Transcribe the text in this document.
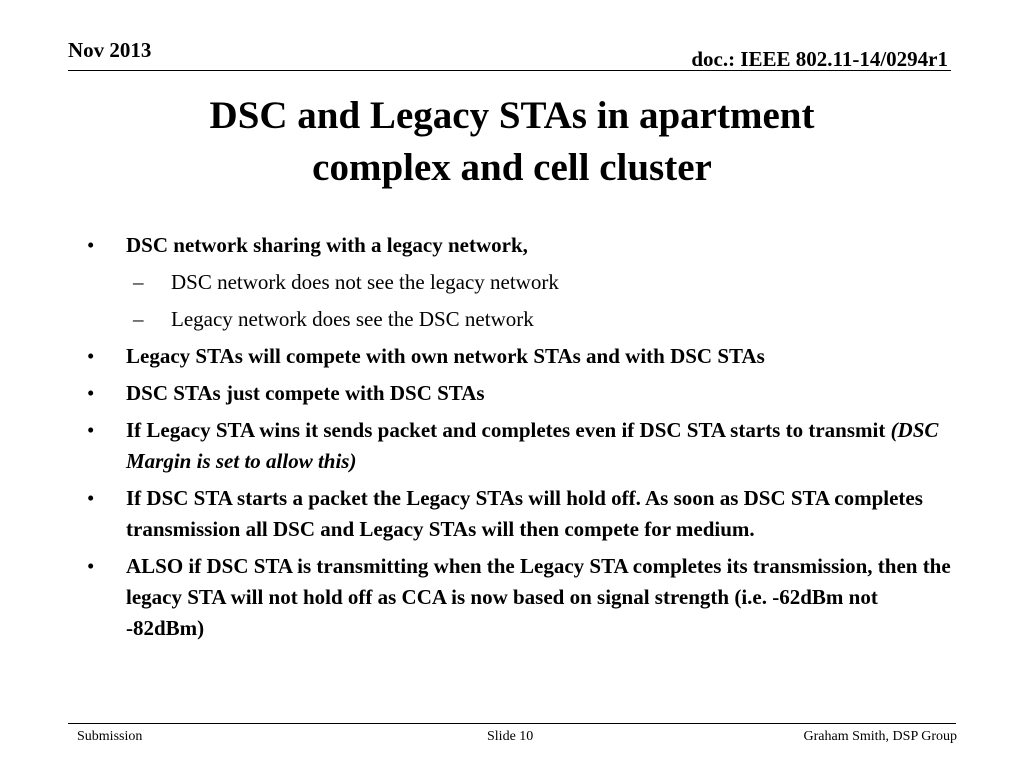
Nov 2013	doc.: IEEE 802.11-14/0294r1
DSC and Legacy STAs in apartment
complex and cell cluster
• DSC network sharing with a legacy network,
– DSC network does not see the legacy network
– Legacy network does see the DSC network
• Legacy STAs will compete with own network STAs and with DSC STAs
• DSC STAs just compete with DSC STAs
• If Legacy STA wins it sends packet and completes even if DSC STA starts to transmit (DSC Margin is set to allow this)
• If DSC STA starts a packet the Legacy STAs will hold off. As soon as DSC STA completes transmission all DSC and Legacy STAs will then compete for medium.
• ALSO if DSC STA is transmitting when the Legacy STA completes its transmission, then the legacy STA will not hold off as CCA is now based on signal strength (i.e. -62dBm not -82dBm)
Submission	Slide 10	Graham Smith, DSP Group
